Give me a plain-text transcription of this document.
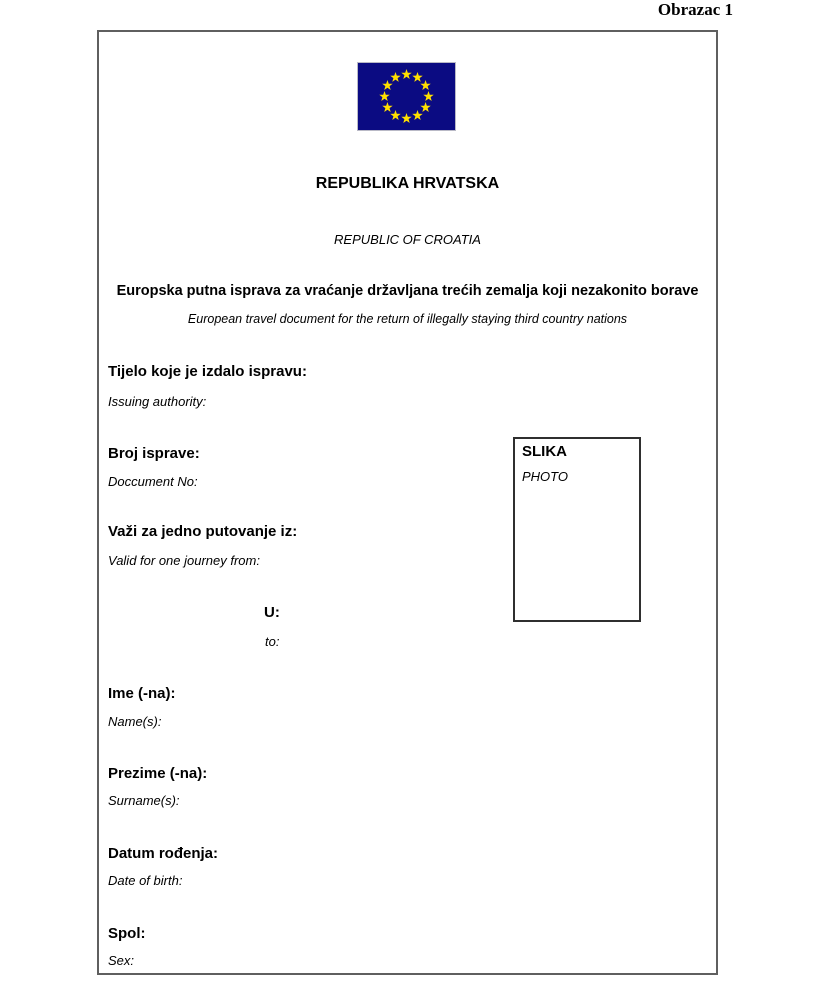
Obrazac 1
REPUBLIKA HRVATSKA
REPUBLIC OF CROATIA
Europska putna isprava za vraćanje državljana trećih zemalja koji nezakonito borave
European travel document for the return of illegally staying third country nations
Tijelo koje je izdalo ispravu:
Issuing authority:
Broj isprave:
Doccument No:
Važi za jedno putovanje iz:
Valid for one journey from:
U:
to:
Ime (-na):
Name(s):
Prezime (-na):
Surname(s):
Datum rođenja:
Date of birth:
Spol:
Sex:
SLIKA
PHOTO
